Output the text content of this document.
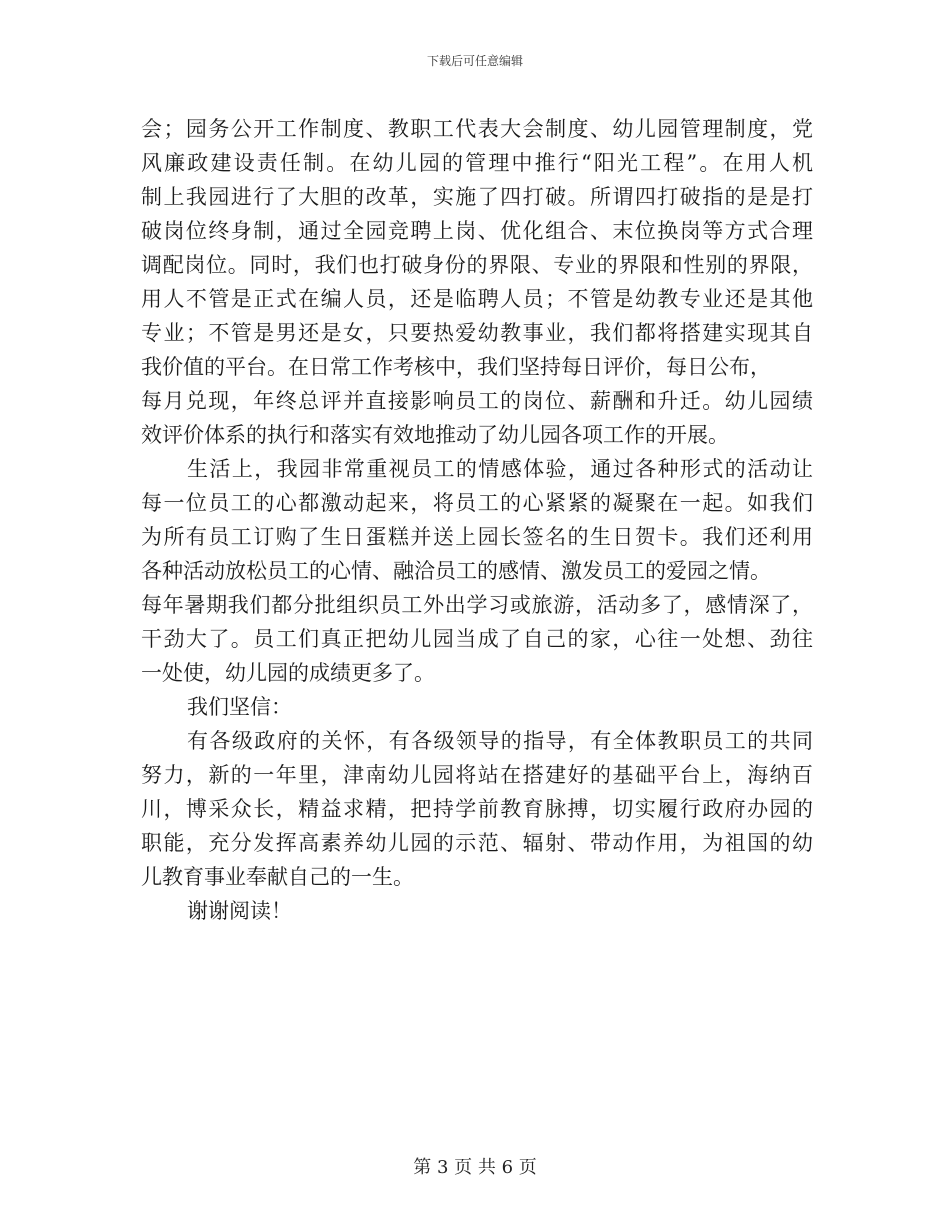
下载后可任意编辑
会；园务公开工作制度、教职工代表大会制度、幼儿园管理制度，党
风廉政建设责任制。在幼儿园的管理中推行“阳光工程”。在用人机
制上我园进行了大胆的改革，实施了四打破。所谓四打破指的是是打
破岗位终身制，通过全园竞聘上岗、优化组合、末位换岗等方式合理
调配岗位。同时，我们也打破身份的界限、专业的界限和性别的界限，
用人不管是正式在编人员，还是临聘人员；不管是幼教专业还是其他
专业；不管是男还是女，只要热爱幼教事业，我们都将搭建实现其自
我价值的平台。在日常工作考核中，我们坚持每日评价，每日公布，
每月兑现，年终总评并直接影响员工的岗位、薪酬和升迁。幼儿园绩
效评价体系的执行和落实有效地推动了幼儿园各项工作的开展。
生活上，我园非常重视员工的情感体验，通过各种形式的活动让
每一位员工的心都激动起来，将员工的心紧紧的凝聚在一起。如我们
为所有员工订购了生日蛋糕并送上园长签名的生日贺卡。我们还利用
各种活动放松员工的心情、融洽员工的感情、激发员工的爱园之情。
每年暑期我们都分批组织员工外出学习或旅游，活动多了，感情深了，
干劲大了。员工们真正把幼儿园当成了自己的家，心往一处想、劲往
一处使，幼儿园的成绩更多了。
我们坚信：
有各级政府的关怀，有各级领导的指导，有全体教职员工的共同
努力，新的一年里，津南幼儿园将站在搭建好的基础平台上，海纳百
川，博采众长，精益求精，把持学前教育脉搏，切实履行政府办园的
职能，充分发挥高素养幼儿园的示范、辐射、带动作用，为祖国的幼
儿教育事业奉献自己的一生。
谢谢阅读！
第 3 页 共 6 页
